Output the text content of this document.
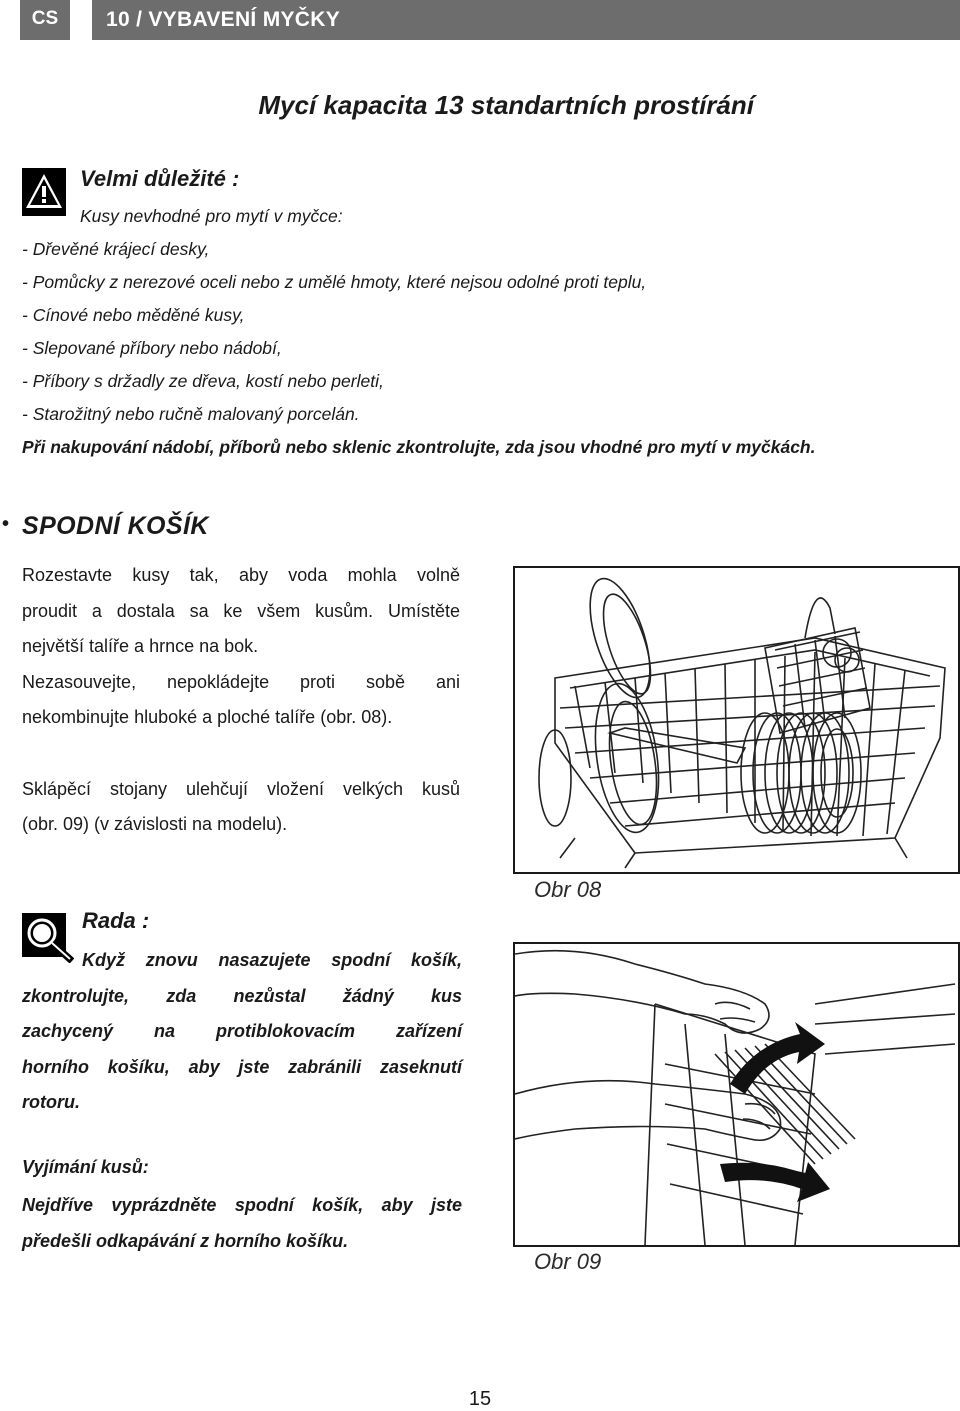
CS	10 / VYBAVENÍ MYČKY
Mycí kapacita 13 standartních prostírání
Velmi důležité :
Kusy nevhodné pro mytí v myčce:
- Dřevěné krájecí desky,
- Pomůcky z nerezové oceli nebo z umělé hmoty, které nejsou odolné proti teplu,
- Cínové nebo měděné kusy,
- Slepované příbory nebo nádobí,
- Příbory s držadly ze dřeva, kostí nebo perleti,
- Starožitný nebo ručně malovaný porcelán.
Při nakupování nádobí, příborů nebo sklenic zkontrolujte, zda jsou vhodné pro mytí v myčkách.
• SPODNÍ KOŠÍK

Rozestavte kusy tak, aby voda mohla volně
proudit a dostala sa ke všem kusům. Umístěte
největší talíře a hrnce na bok.
Nezasouvejte, nepokládejte proti sobě ani
nekombinujte hluboké a ploché talíře (obr. 08).

Sklápěcí stojany ulehčují vložení velkých kusů
(obr. 09) (v závislosti na modelu).

Obr 08
Rada :
Když znovu nasazujete spodní košík,
zkontrolujte, zda nezůstal žádný kus
zachycený na protiblokovacím zařízení
horního košíku, aby jste zabránili zaseknutí
rotoru.
Obr 09
Vyjímání kusů:
Nejdříve vyprázdněte spodní košík, aby jste
předešli odkapávání z horního košíku.
15
